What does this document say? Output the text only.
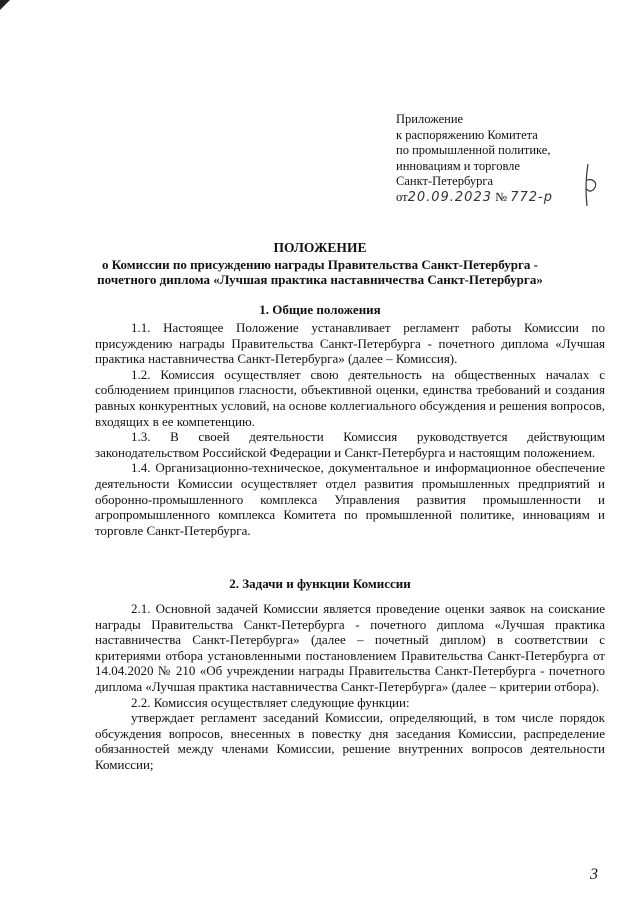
Приложение
к распоряжению Комитета
по промышленной политике,
инновациям и торговле
Санкт-Петербурга
от20.09.2023 № 772-р
ПОЛОЖЕНИЕ
о Комиссии по присуждению награды Правительства Санкт-Петербурга -
почетного диплома «Лучшая практика наставничества Санкт-Петербурга»
1. Общие положения

1.1. Настоящее Положение устанавливает регламент работы Комиссии по присуждению награды Правительства Санкт-Петербурга - почетного диплома «Лучшая практика наставничества Санкт-Петербурга» (далее – Комиссия).

1.2. Комиссия осуществляет свою деятельность на общественных началах с соблюдением принципов гласности, объективной оценки, единства требований и создания равных конкурентных условий, на основе коллегиального обсуждения и решения вопросов, входящих в ее компетенцию.

1.3. В своей деятельности Комиссия руководствуется действующим законодательством Российской Федерации и Санкт-Петербурга и настоящим положением.

1.4. Организационно-техническое, документальное и информационное обеспечение деятельности Комиссии осуществляет отдел развития промышленных предприятий и оборонно-промышленного комплекса Управления развития промышленности и агропромышленного комплекса Комитета по промышленной политике, инновациям и торговле Санкт-Петербурга.

2. Задачи и функции Комиссии

2.1. Основной задачей Комиссии является проведение оценки заявок на соискание награды Правительства Санкт-Петербурга - почетного диплома «Лучшая практика наставничества Санкт-Петербурга» (далее – почетный диплом) в соответствии с критериями отбора установленными постановлением Правительства Санкт-Петербурга от 14.04.2020 № 210 «Об учреждении награды Правительства Санкт-Петербурга - почетного диплома «Лучшая практика наставничества Санкт-Петербурга» (далее – критерии отбора).

2.2. Комиссия осуществляет следующие функции:

утверждает регламент заседаний Комиссии, определяющий, в том числе порядок обсуждения вопросов, внесенных в повестку дня заседания Комиссии, распределение обязанностей между членами Комиссии, решение внутренних вопросов деятельности Комиссии;

3
